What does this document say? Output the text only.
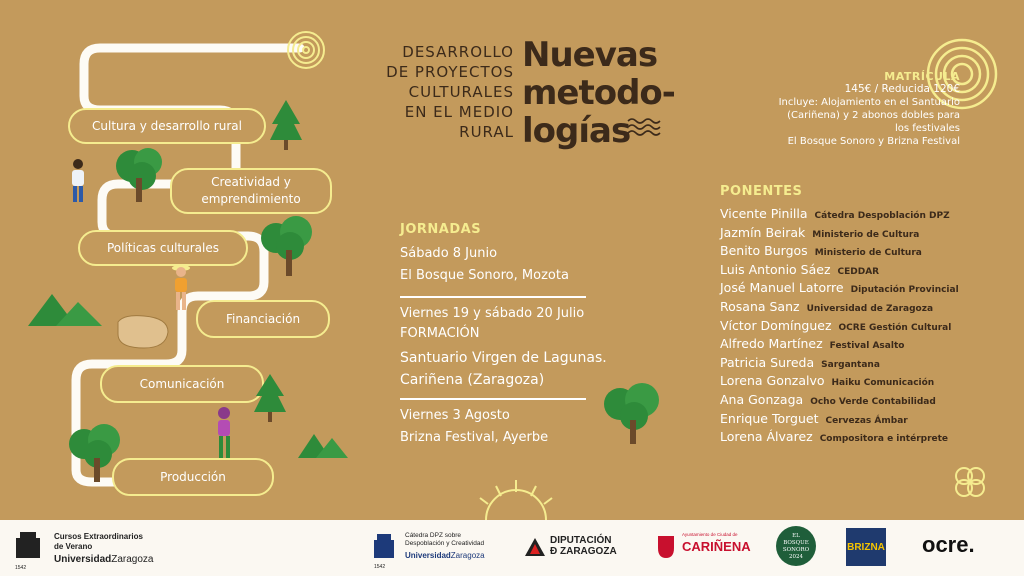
Cultura y desarrollo rural
Creatividad y emprendimiento
Políticas culturales
Financiación
Comunicación
Producción
DESARROLLO
DE PROYECTOS
CULTURALES
EN EL MEDIO
RURAL
Nuevas
metodo-
logías
MATRÍCULA
145€ / Reducida 120€
Incluye: Alojamiento en el Santuario
(Cariñena) y 2 abonos dobles para
los festivales
El Bosque Sonoro y Brizna Festival
JORNADAS
Sábado 8 Junio
El Bosque Sonoro, Mozota
Viernes 19 y sábado 20 Julio
FORMACIÓN
Santuario Virgen de Lagunas.
Cariñena (Zaragoza)
Viernes 3 Agosto
Brizna Festival, Ayerbe
PONENTES
Vicente Pinilla Cátedra Despoblación DPZ
Jazmín Beirak Ministerio de Cultura
Benito Burgos Ministerio de Cultura
Luis Antonio Sáez CEDDAR
José Manuel Latorre Diputación Provincial
Rosana Sanz Universidad de Zaragoza
Víctor Domínguez OCRE Gestión Cultural
Alfredo Martínez Festival Asalto
Patricia Sureda Sargantana
Lorena Gonzalvo Haiku Comunicación
Ana Gonzaga Ocho Verde Contabilidad
Enrique Torguet Cervezas Ámbar
Lorena Álvarez Compositora e intérprete
1542
Cursos Extraordinarios
de Verano
UniversidadZaragoza
1542
Cátedra DPZ sobre
Despoblación y Creatividad
UniversidadZaragoza
DIPUTACIÓN
Ð ZARAGOZA
Ayuntamiento de Ciudad de
CARIÑENA
EL
BOSQUE
SONORO
2024
BRIZNA ocre.
